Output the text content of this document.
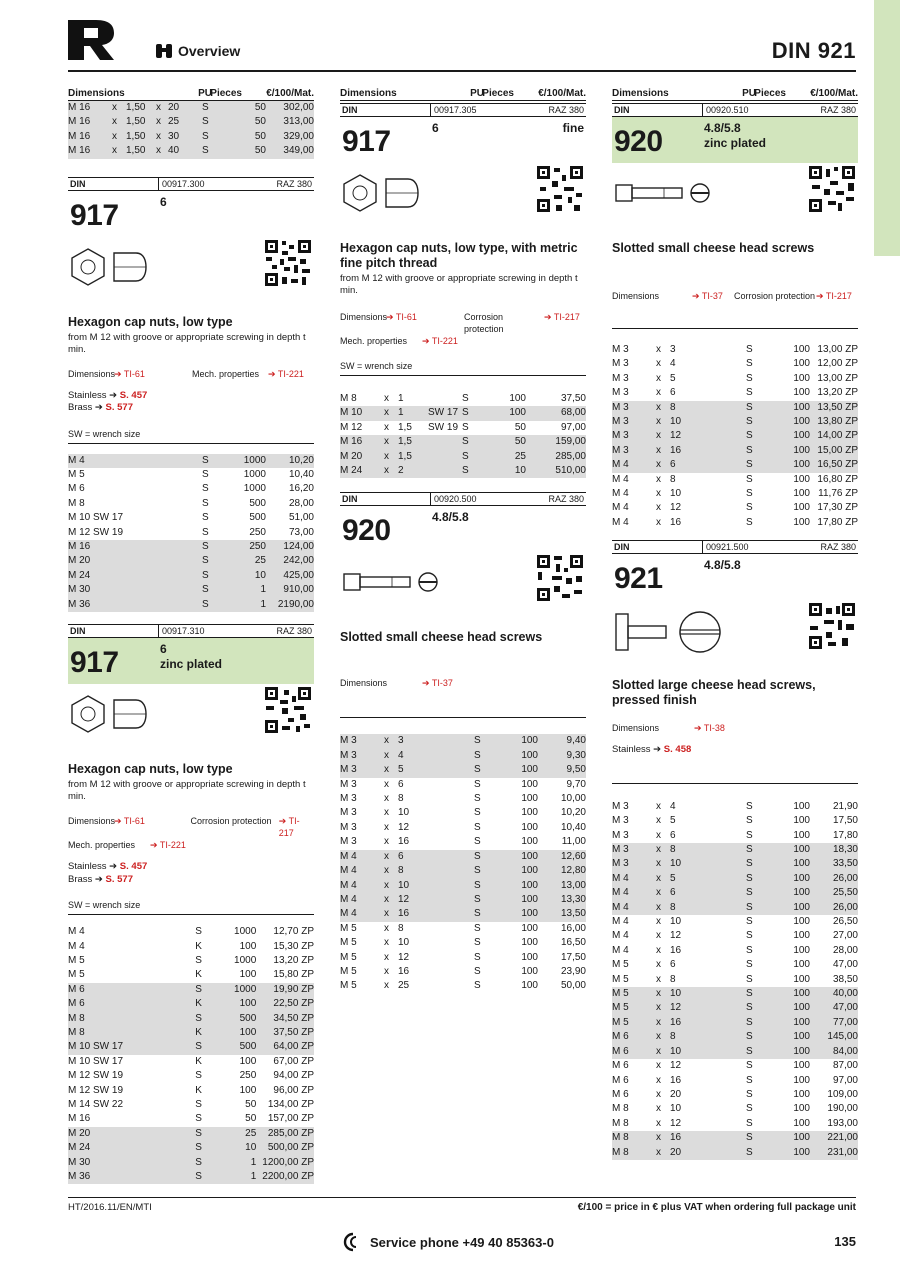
Overview	DIN 921
Dimensions	PU
Pieces €/100/Mat.
M 16	x	1,50	x	20	S	50	302,00
M 16	x	1,50	x	25	S	50	313,00
M 16	x	1,50	x	30	S	50	329,00
M 16	x	1,50	x	40	S	50	349,00
DIN	00917.300	RAZ 380
917	6
Hexagon cap nuts, low type
from M 12 with groove or appropriate screwing in depth t min.
Dimensions
➔ TI-61	Mech. properties ➔ TI-221
Stainless ➔ S. 457
Brass ➔ S. 577
SW = wrench size
M 4	S	1000	10,20
M 5	S	1000	10,40
M 6	S	1000	16,20
M 8	S	500	28,00
M 10 SW 17	S	500	51,00
M 12 SW 19	S	250	73,00
M 16	S	250	124,00
M 20	S	25	242,00
M 24	S	10	425,00
M 30	S	1	910,00
M 36	S	1	2190,00
DIN	00917.310	RAZ 380
917	6
zinc plated
Hexagon cap nuts, low type
from M 12 with groove or appropriate screwing in depth t min.
Dimensions
➔ TI-61	Corrosion protection ➔ TI-217
Mech. properties	➔ TI-221
Stainless ➔ S. 457
Brass ➔ S. 577
SW = wrench size
M 4	S	1000	12,70 ZP
M 4	K	100	15,30 ZP
M 5	S	1000	13,20 ZP
M 5	K	100	15,80 ZP
M 6	S	1000	19,90 ZP
M 6	K	100	22,50 ZP
M 8	S	500	34,50 ZP
M 8	K	100	37,50 ZP
M 10 SW 17	S	500	64,00 ZP
M 10 SW 17	K	100	67,00 ZP
M 12 SW 19	S	250	94,00 ZP
M 12 SW 19	K	100	96,00 ZP
M 14 SW 22	S	50	134,00 ZP
M 16	S	50	157,00 ZP
M 20	S	25	285,00 ZP
M 24	S	10	500,00 ZP
M 30	S	1	1200,00 ZP
M 36	S	1	2200,00 ZP
Dimensions	PU
Pieces €/100/Mat.
DIN	00917.305	RAZ 380
917	6	fine
Hexagon cap nuts, low type, with metric fine pitch thread
from M 12 with groove or appropriate screwing in depth t min.
Dimensions
➔ TI-61	Corrosion protection
➔ TI-217
Mech. properties	➔ TI-221
SW = wrench size
M 8	x	1		S	100	37,50
M 10	x	1	SW 17	S	100	68,00
M 12	x	1,5	SW 19	S	50	97,00
M 16	x	1,5		S	50	159,00
M 20	x	1,5		S	25	285,00
M 24	x	2		S	10	510,00
DIN	00920.500	RAZ 380
920	4.8/5.8
Slotted small cheese head screws
Dimensions	➔ TI-37
M 3	x	3	S	100	9,40
M 3	x	4	S	100	9,30
M 3	x	5	S	100	9,50
M 3	x	6	S	100	9,70
M 3	x	8	S	100	10,00
M 3	x	10	S	100	10,20
M 3	x	12	S	100	10,40
M 3	x	16	S	100	11,00
M 4	x	6	S	100	12,60
M 4	x	8	S	100	12,80
M 4	x	10	S	100	13,00
M 4	x	12	S	100	13,30
M 4	x	16	S	100	13,50
M 5	x	8	S	100	16,00
M 5	x	10	S	100	16,50
M 5	x	12	S	100	17,50
M 5	x	16	S	100	23,90
M 5	x	25	S	100	50,00
Dimensions	PU
Pieces €/100/Mat.
DIN	00920.510	RAZ 380
920	4.8/5.8
zinc plated
Slotted small cheese head screws
Dimensions	➔ TI-37	Corrosion protection ➔ TI-217
M 3	x	3	S	100	13,00 ZP
M 3	x	4	S	100	12,00 ZP
M 3	x	5	S	100	13,00 ZP
M 3	x	6	S	100	13,20 ZP
M 3	x	8	S	100	13,50 ZP
M 3	x	10	S	100	13,80 ZP
M 3	x	12	S	100	14,00 ZP
M 3	x	16	S	100	15,00 ZP
M 4	x	6	S	100	16,50 ZP
M 4	x	8	S	100	16,80 ZP
M 4	x	10	S	100	11,76 ZP
M 4	x	12	S	100	17,30 ZP
M 4	x	16	S	100	17,80 ZP
DIN	00921.500	RAZ 380
921	4.8/5.8
Slotted large cheese head screws, pressed finish
Dimensions	➔ TI-38
Stainless ➔ S. 458
M 3	x	4	S	100	21,90
M 3	x	5	S	100	17,50
M 3	x	6	S	100	17,80
M 3	x	8	S	100	18,30
M 3	x	10	S	100	33,50
M 4	x	5	S	100	26,00
M 4	x	6	S	100	25,50
M 4	x	8	S	100	26,00
M 4	x	10	S	100	26,50
M 4	x	12	S	100	27,00
M 4	x	16	S	100	28,00
M 5	x	6	S	100	47,00
M 5	x	8	S	100	38,50
M 5	x	10	S	100	40,00
M 5	x	12	S	100	47,00
M 5	x	16	S	100	77,00
M 6	x	8	S	100	145,00
M 6	x	10	S	100	84,00
M 6	x	12	S	100	87,00
M 6	x	16	S	100	97,00
M 6	x	20	S	100	109,00
M 8	x	10	S	100	190,00
M 8	x	12	S	100	193,00
M 8	x	16	S	100	221,00
M 8	x	20	S	100	231,00
HT/2016.11/EN/MTI	€/100 = price in € plus VAT when ordering full package unit
Service phone +49 40 85363-0	135
